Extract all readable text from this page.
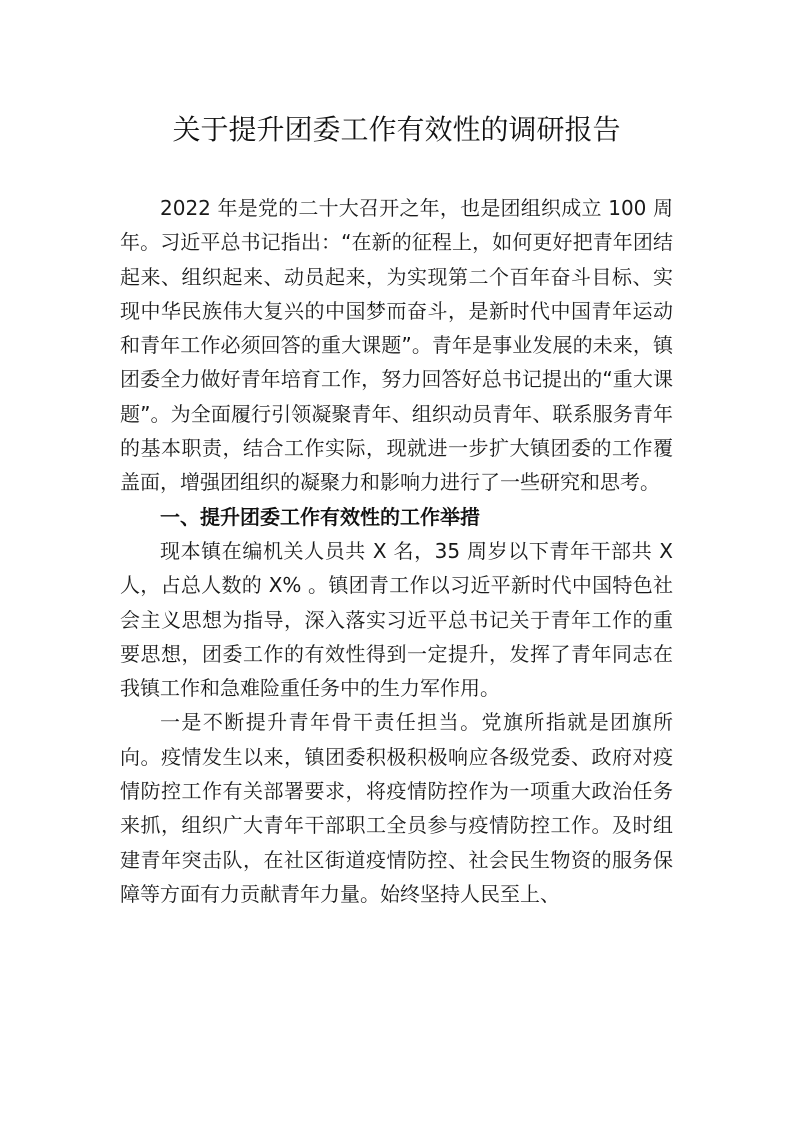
关于提升团委工作有效性的调研报告

2022 年是党的二十大召开之年，也是团组织成立 100 周年。习近平总书记指出：“在新的征程上，如何更好把青年团结起来、组织起来、动员起来，为实现第二个百年奋斗目标、实现中华民族伟大复兴的中国梦而奋斗，是新时代中国青年运动和青年工作必须回答的重大课题”。青年是事业发展的未来，镇团委全力做好青年培育工作，努力回答好总书记提出的“重大课题”。为全面履行引领凝聚青年、组织动员青年、联系服务青年的基本职责，结合工作实际，现就进一步扩大镇团委的工作覆盖面，增强团组织的凝聚力和影响力进行了一些研究和思考。

一、提升团委工作有效性的工作举措

现本镇在编机关人员共 X 名，35 周岁以下青年干部共 X 人，占总人数的 X% 。镇团青工作以习近平新时代中国特色社会主义思想为指导，深入落实习近平总书记关于青年工作的重要思想，团委工作的有效性得到一定提升，发挥了青年同志在我镇工作和急难险重任务中的生力军作用。

一是不断提升青年骨干责任担当。党旗所指就是团旗所向。疫情发生以来，镇团委积极积极响应各级党委、政府对疫情防控工作有关部署要求，将疫情防控作为一项重大政治任务来抓，组织广大青年干部职工全员参与疫情防控工作。及时组建青年突击队，在社区街道疫情防控、社会民生物资的服务保障等方面有力贡献青年力量。始终坚持人民至上、
